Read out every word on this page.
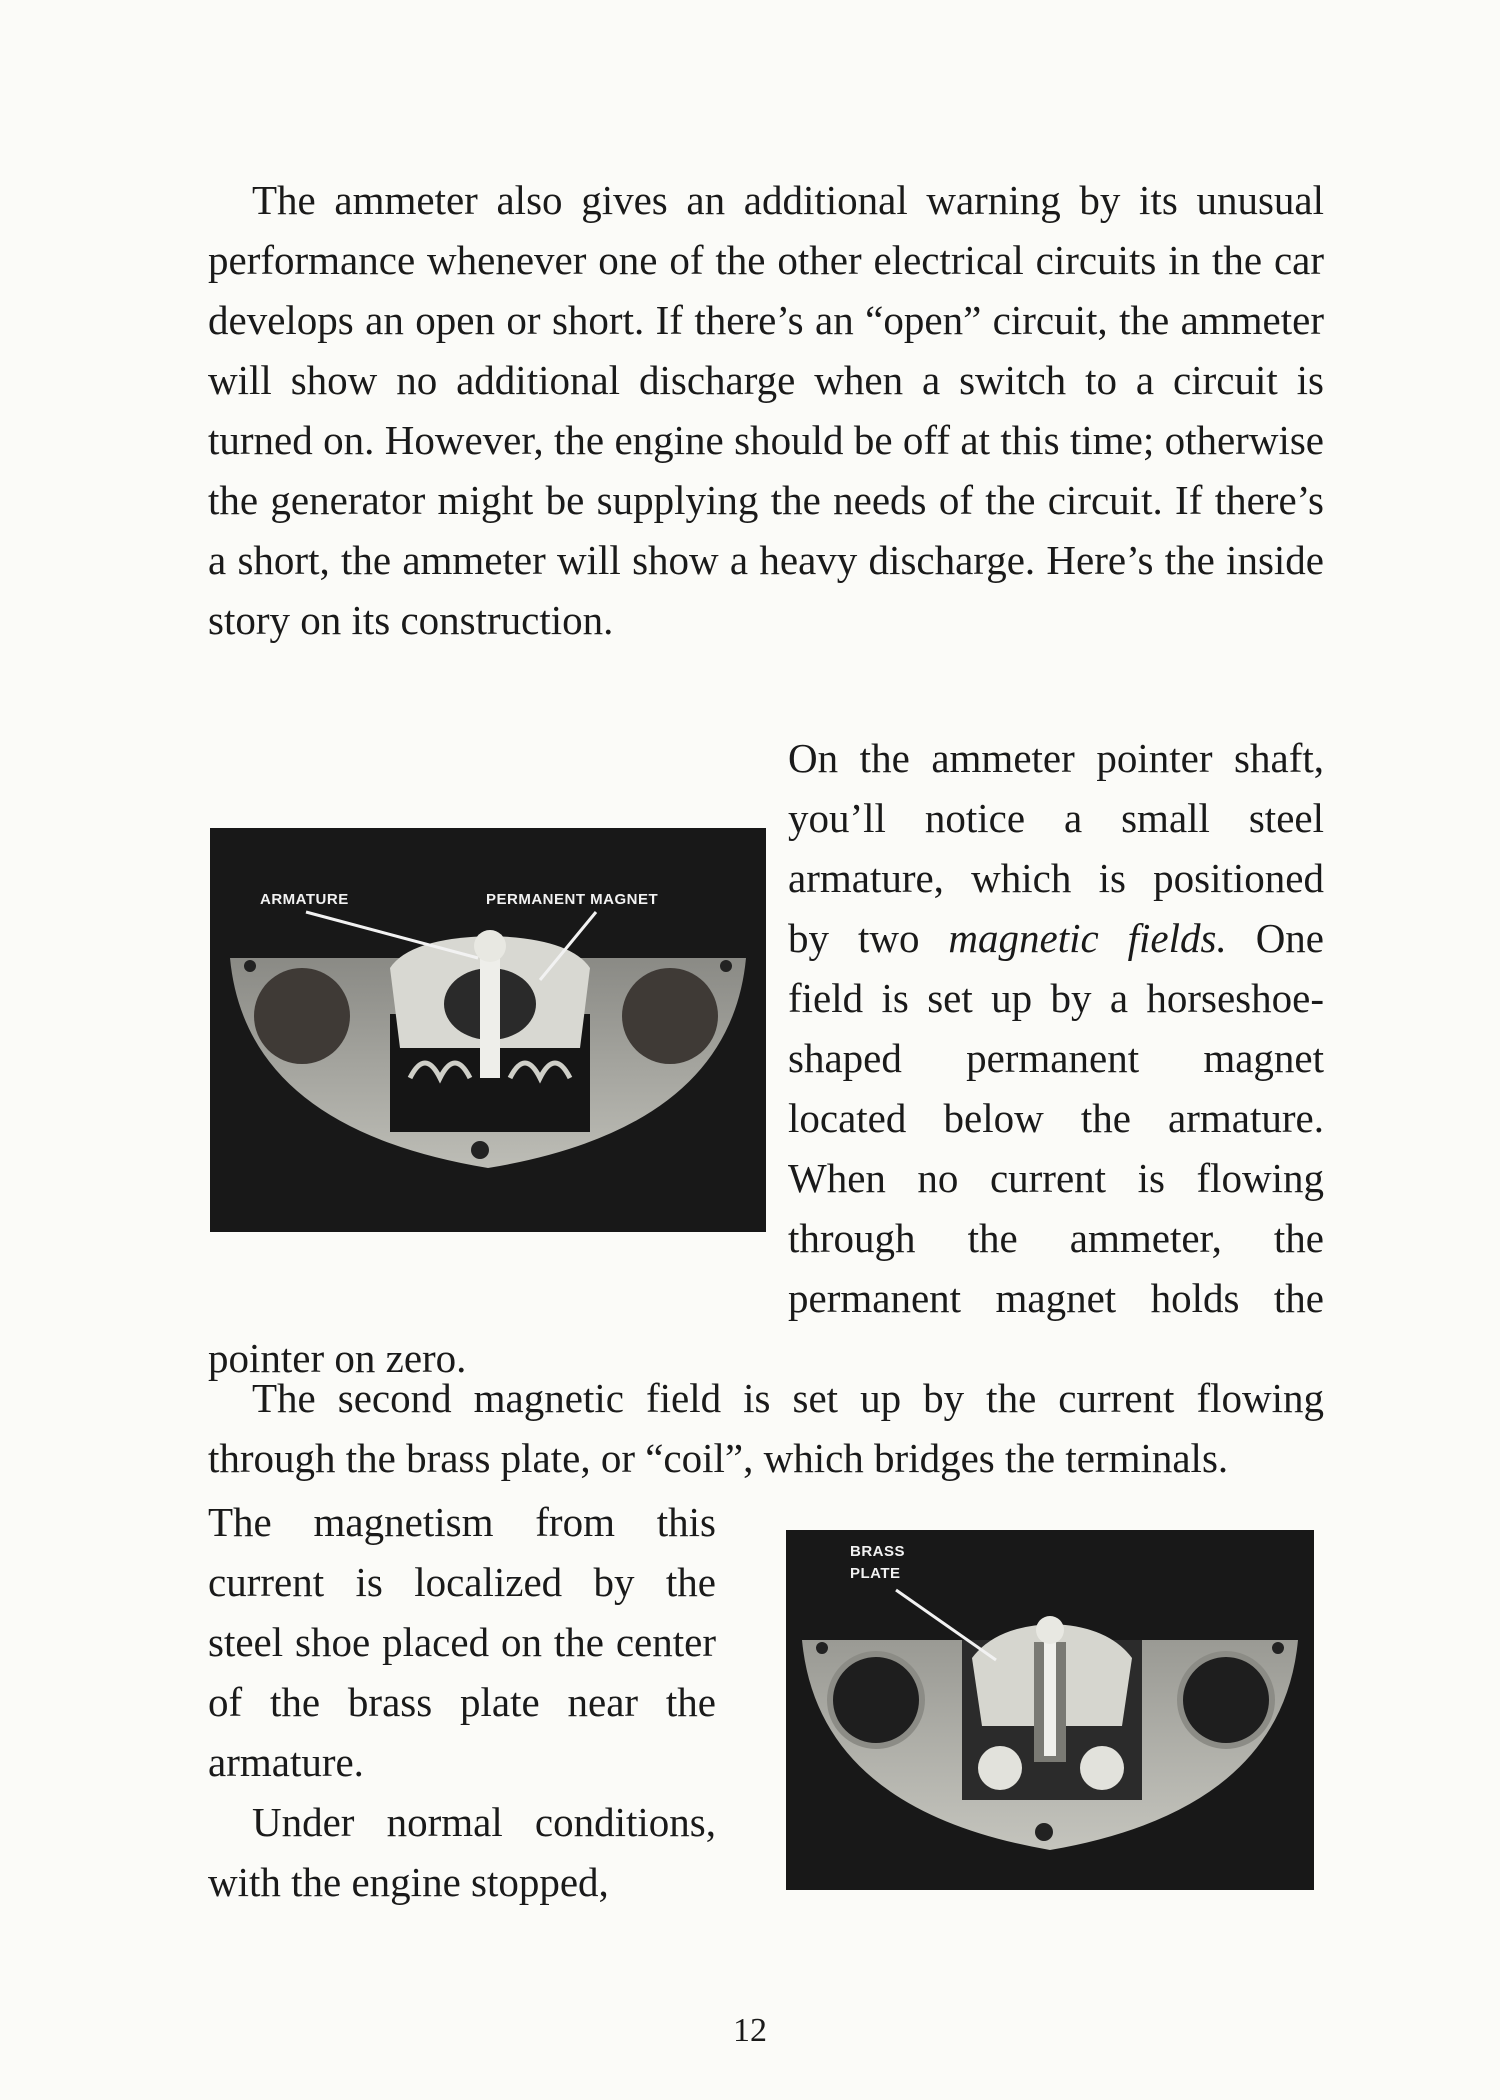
The ammeter also gives an additional warning by its unusual performance whenever one of the other electrical circuits in the car develops an open or short. If there’s an “open” circuit, the ammeter will show no additional discharge when a switch to a circuit is turned on. However, the engine should be off at this time; otherwise the generator might be supplying the needs of the circuit. If there’s a short, the ammeter will show a heavy discharge. Here’s the inside story on its construction.

On the ammeter pointer shaft, you’ll notice a small steel armature, which is positioned by two magnetic fields. One field is set up by a horseshoe-shaped permanent magnet located below the armature. When no current is flowing through the ammeter, the permanent magnet holds the pointer on zero.

ARMATURE	PERMANENT MAGNET

The second magnetic field is set up by the current flowing through the brass plate, or “coil”, which bridges the terminals.

The magnetism from this current is localized by the steel shoe placed on the center of the brass plate near the armature.

Under normal conditions, with the engine stopped,

BRASS
PLATE
12
